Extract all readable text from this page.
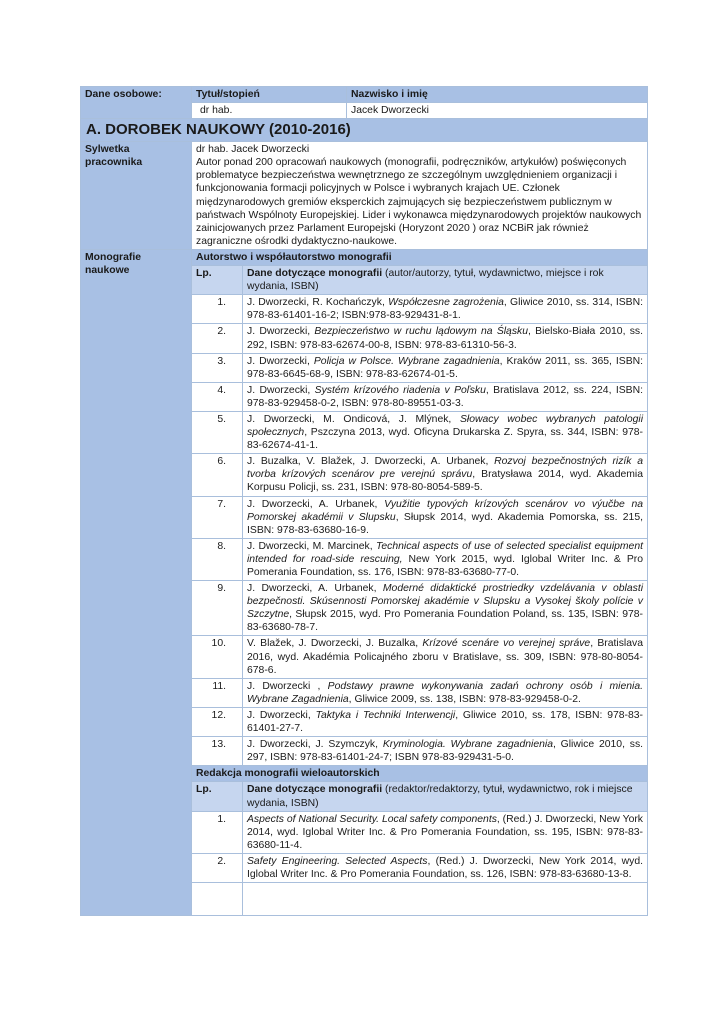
Dane osobowe:	Tytuł/stopień		Nazwisko i imię
	dr hab.		Jacek Dworzecki
A. DOROBEK NAUKOWY (2010-2016)			
Sylwetka pracownika	dr hab. Jacek Dworzecki
Autor ponad 200 opracowań naukowych (monografii, podręczników, artykułów) poświęconych problematyce bezpieczeństwa wewnętrznego ze szczególnym uwzględnieniem organizacji i funkcjonowania formacji policyjnych w Polsce i wybranych krajach UE. Członek międzynarodowych gremiów eksperckich zajmujących się bezpieczeństwem publicznym w państwach Wspólnoty Europejskiej. Lider i wykonawca międzynarodowych projektów naukowych zainicjowanych przez Parlament Europejski (Horyzont 2020 ) oraz NCBiR jak również zagraniczne ośrodki dydaktyczno-naukowe.		

Monografie naukowe	Autorstwo i współautorstwo monografii		
	Lp.	Dane dotyczące monografii (autor/autorzy, tytuł, wydawnictwo, miejsce i rok wydania, ISBN)	
	1.	J. Dworzecki, R. Kochańczyk, Współczesne zagrożenia, Gliwice 2010, ss. 314, ISBN: 978-83-61401-16-2; ISBN:978-83-929431-8-1.	
	2.	J. Dworzecki, Bezpieczeństwo w ruchu lądowym na Śląsku, Bielsko-Biała 2010, ss. 292, ISBN: 978-83-62674-00-8, ISBN: 978-83-61310-56-3.	
	3.	J. Dworzecki, Policja w Polsce. Wybrane zagadnienia, Kraków 2011, ss. 365, ISBN: 978-83-6645-68-9, ISBN: 978-83-62674-01-5.	
	4.	J. Dworzecki, Systém krízového riadenia v Poľsku, Bratislava 2012, ss. 224, ISBN: 978-83-929458-0-2, ISBN: 978-80-89551-03-3.	
	5.	J. Dworzecki, M. Ondicová, J. Mlýnek, Słowacy wobec wybranych patologii społecznych, Pszczyna 2013, wyd. Oficyna Drukarska Z. Spyra, ss. 344, ISBN: 978-83-62674-41-1.	
	6.	J. Buzalka, V. Blažek, J. Dworzecki, A. Urbanek, Rozvoj bezpečnostných rizík a tvorba krízových scenárov pre verejnú správu, Bratysława 2014, wyd. Akademia Korpusu Policji, ss. 231, ISBN: 978-80-8054-589-5.	
	7.	J. Dworzecki, A. Urbanek, Využitie typových krízových scenárov vo výučbe na Pomorskej akadémii v Slupsku, Słupsk 2014, wyd. Akademia Pomorska, ss. 215, ISBN: 978-83-63680-16-9.	
	8.	J. Dworzecki, M. Marcinek, Technical aspects of use of selected specialist equipment intended for road-side rescuing, New York 2015, wyd. Iglobal Writer Inc. & Pro Pomerania Foundation, ss. 176, ISBN: 978-83-63680-77-0.	
	9.	J. Dworzecki, A. Urbanek, Moderné didaktické prostriedky vzdelávania v oblasti bezpečnosti. Skúsennosti Pomorskej akadémie v Slupsku a Vysokej školy polície v Szczytne, Słupsk 2015, wyd. Pro Pomerania Foundation Poland, ss. 135, ISBN: 978-83-63680-78-7.	
	10.	V. Blažek, J. Dworzecki, J. Buzalka, Krízové scenáre vo verejnej správe, Bratislava 2016, wyd. Akadémia Policajného zboru v Bratislave, ss. 309, ISBN: 978-80-8054-678-6.	
	11.	J. Dworzecki , Podstawy prawne wykonywania zadań ochrony osób i mienia. Wybrane Zagadnienia, Gliwice 2009, ss. 138, ISBN: 978-83-929458-0-2.	
	12.	J. Dworzecki, Taktyka i Techniki Interwencji, Gliwice 2010, ss. 178, ISBN: 978-83-61401-27-7.	
	13.	J. Dworzecki, J. Szymczyk, Kryminologia. Wybrane zagadnienia, Gliwice 2010, ss. 297, ISBN: 978-83-61401-24-7; ISBN 978-83-929431-5-0.	
	Redakcja monografii wieloautorskich		
	Lp.	Dane dotyczące monografii (redaktor/redaktorzy, tytuł, wydawnictwo, rok i miejsce wydania, ISBN)	
	1.	Aspects of National Security. Local safety components, (Red.) J. Dworzecki, New York 2014, wyd. Iglobal Writer Inc. & Pro Pomerania Foundation, ss. 195, ISBN: 978-83-63680-11-4.	
	2.	Safety Engineering. Selected Aspects, (Red.) J. Dworzecki, New York 2014, wyd. Iglobal Writer Inc. & Pro Pomerania Foundation, ss. 126, ISBN: 978-83-63680-13-8.	
